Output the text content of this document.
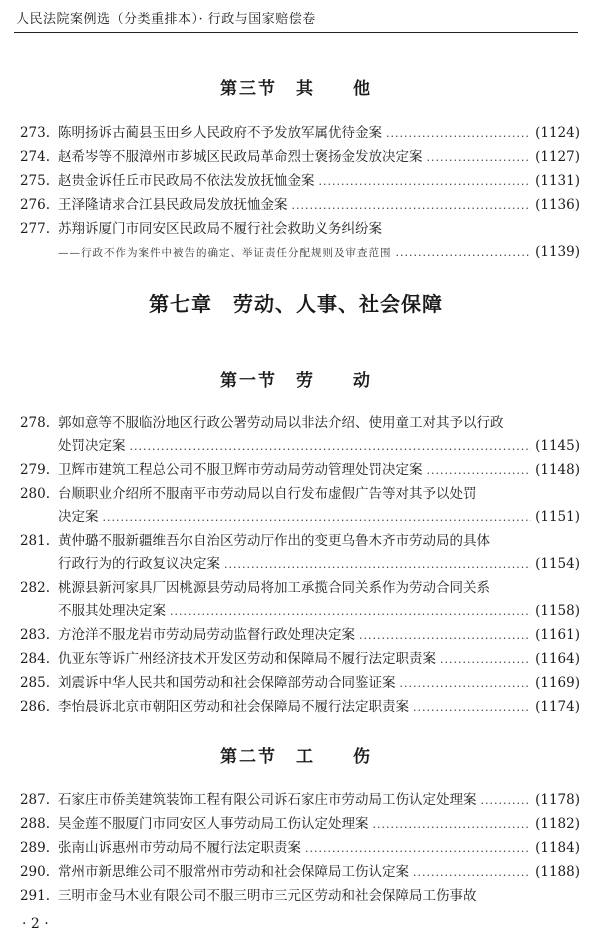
人民法院案例选（分类重排本）· 行政与国家赔偿卷
第三节　其　　他
273. 陈明扬诉古蔺县玉田乡人民政府不予发放军属优待金案 .....	(1124)
274. 赵希岑等不服漳州市芗城区民政局革命烈士褒扬金发放决定案 .....	(1127)
275. 赵贵金诉任丘市民政局不依法发放抚恤金案 .....	(1131)
276. 王泽隆请求合江县民政局发放抚恤金案 .....	(1136)
277. 苏翔诉厦门市同安区民政局不履行社会救助义务纠纷案
——行政不作为案件中被告的确定、举证责任分配规则及审查范围 .....	(1139)
第七章　劳动、人事、社会保障
第一节　劳　　动
278. 郭如意等不服临汾地区行政公署劳动局以非法介绍、使用童工对其予以行政
处罚决定案 .....	(1145)
279. 卫辉市建筑工程总公司不服卫辉市劳动局劳动管理处罚决定案 .....	(1148)
280. 台顺职业介绍所不服南平市劳动局以自行发布虚假广告等对其予以处罚
决定案 .....	(1151)
281. 黄仲璐不服新疆维吾尔自治区劳动厅作出的变更乌鲁木齐市劳动局的具体
行政行为的行政复议决定案 .....	(1154)
282. 桃源县新河家具厂因桃源县劳动局将加工承揽合同关系作为劳动合同关系
不服其处理决定案 .....	(1158)
283. 方沧洋不服龙岩市劳动局劳动监督行政处理决定案 .....	(1161)
284. 仇亚东等诉广州经济技术开发区劳动和保障局不履行法定职责案 .....	(1164)
285. 刘震诉中华人民共和国劳动和社会保障部劳动合同鉴证案 .....	(1169)
286. 李怡晨诉北京市朝阳区劳动和社会保障局不履行法定职责案 .....	(1174)
第二节　工　　伤
287. 石家庄市侨美建筑装饰工程有限公司诉石家庄市劳动局工伤认定处理案 .....	(1178)
288. 吴金莲不服厦门市同安区人事劳动局工伤认定处理案 .....	(1182)
289. 张南山诉惠州市劳动局不履行法定职责案 .....	(1184)
290. 常州市新思维公司不服常州市劳动和社会保障局工伤认定案 .....	(1188)
291. 三明市金马木业有限公司不服三明市三元区劳动和社会保障局工伤事故
· 2 ·
